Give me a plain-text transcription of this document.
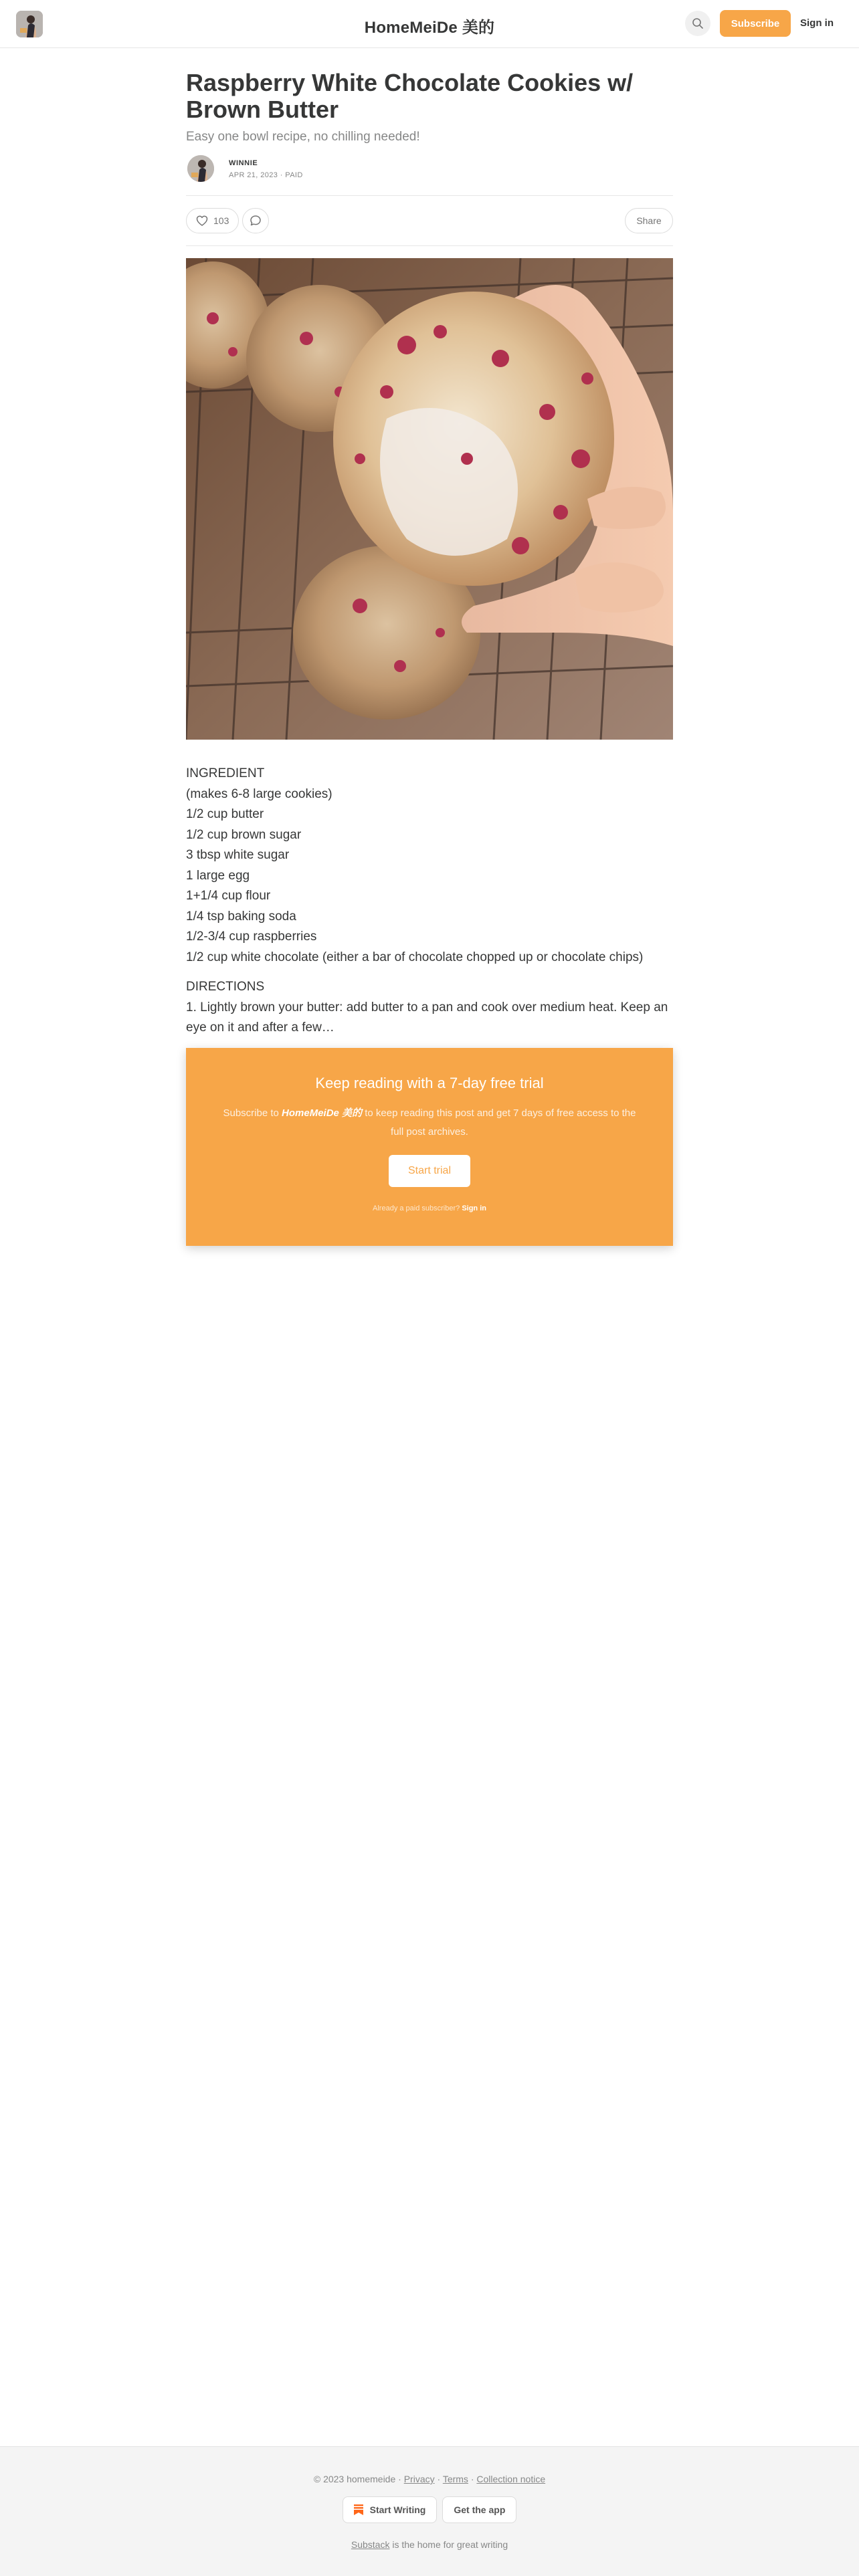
HomeMeiDe 美的	Subscribe	Sign in
Raspberry White Chocolate Cookies w/ Brown Butter
Easy one bowl recipe, no chilling needed!
WINNIE
APR 21, 2023 · PAID
103	Share

INGREDIENT
(makes 6-8 large cookies)
1/2 cup butter
1/2 cup brown sugar
3 tbsp white sugar
1 large egg
1+1/4 cup flour
1/4 tsp baking soda
1/2-3/4 cup raspberries
1/2 cup white chocolate (either a bar of chocolate chopped up or chocolate chips)

DIRECTIONS
1. Lightly brown your butter: add butter to a pan and cook over medium heat. Keep an eye on it and after a few…

Keep reading with a 7-day free trial
Subscribe to HomeMeiDe 美的 to keep reading this post and get 7 days of free access to the full post archives.
Start trial
Already a paid subscriber? Sign in
© 2023 homemeide · Privacy · Terms · Collection notice
Start Writing	Get the app
Substack is the home for great writing
